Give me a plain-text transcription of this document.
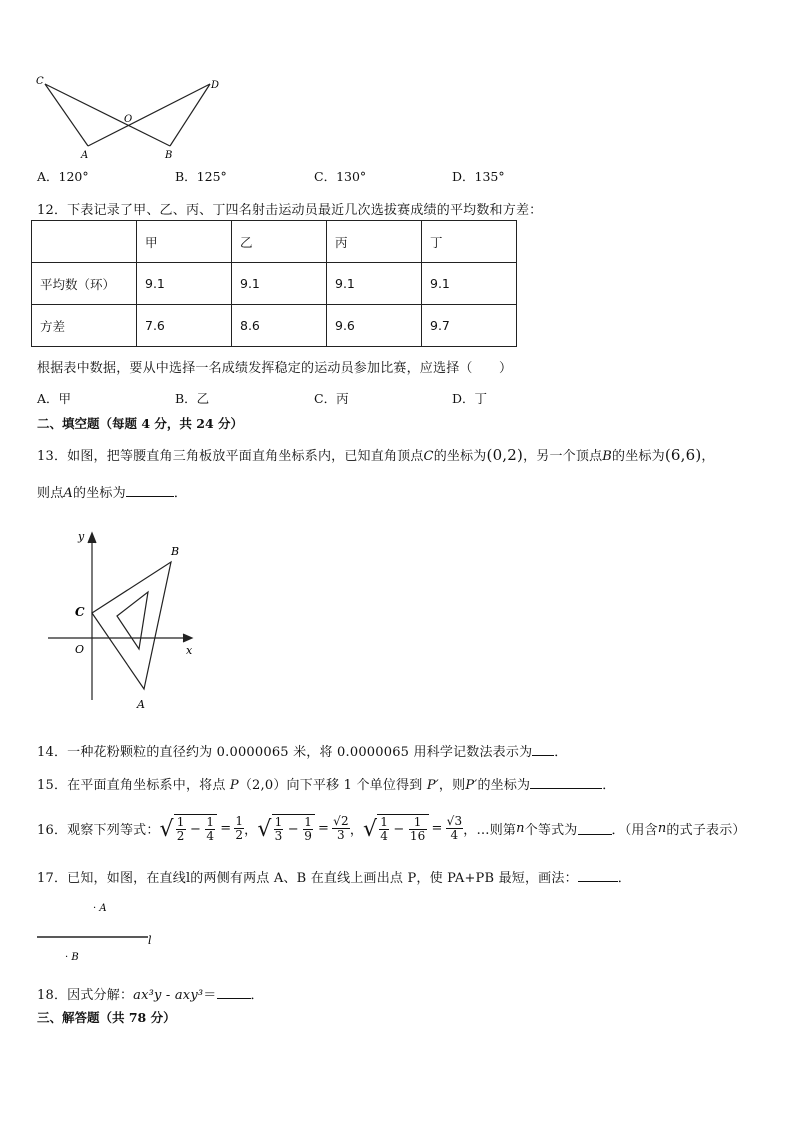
C	D
O
A	B
A．120°	B．125°	C．130°	D．135°
12．下表记录了甲、乙、丙、丁四名射击运动员最近几次选拔赛成绩的平均数和方差：
	甲	乙	丙	丁
平均数（环）	9.1	9.1	9.1	9.1
方差	7.6	8.6	9.6	9.7
根据表中数据，要从中选择一名成绩发挥稳定的运动员参加比赛，应选择（　　）
A．甲	B．乙	C．丙	D．丁
二、填空题（每题 4 分，共 24 分）
13．如图，把等腰直角三角板放平面直角坐标系内，已知直角顶点C的坐标为(0,2)，另一个顶点B的坐标为(6,6)，
则点A的坐标为	．
y
x
O
C
B
A
14．一种花粉颗粒的直径约为 0.0000065 米，将 0.0000065 用科学记数法表示为 ．
15．在平面直角坐标系中，将点 P（2,0）向下平移 1 个单位得到 P′，则P′的坐标为	．
16．观察下列等式： √ $\frac{1}{2} - \frac{1}{4} = \frac{1}{2}$ ， √ $\frac{1}{3} - \frac{1}{9} = \frac{√2}{3}$ ， √ $\frac{1}{4} - \frac{1}{16} = \frac{√3}{4}$ ， …则第 n 个等式为	．（用含 n 的式子表示）
17．已知，如图，在直线l的两侧有两点 A、B 在直线上画出点 P，使 PA+PB 最短，画法：	．
l
· A
· B
18．因式分解：ax³y - axy³＝	．
三、解答题（共 78 分）
